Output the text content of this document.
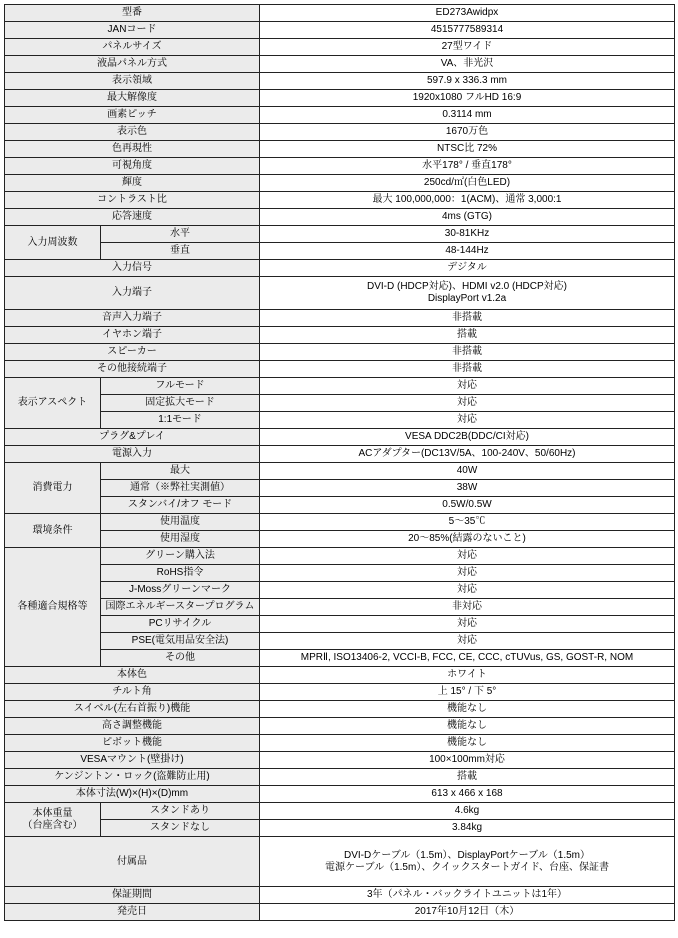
型番		ED273Awidpx

JANコード		4515777589314

パネルサイズ		27型ワイド

液晶パネル方式		VA、非光沢

表示領域		597.9 x 336.3 mm

最大解像度		1920x1080 フルHD 16:9

画素ピッチ		0.3114 mm

表示色		1670万色

色再現性		NTSC比 72%

可視角度		水平178° / 垂直178°

輝度		250cd/㎡(白色LED)

コントラスト比		最大 100,000,000：1(ACM)、通常 3,000:1

応答速度		4ms (GTG)

入力周波数	水平	30-81KHz

	垂直	48-144Hz

入力信号		デジタル

入力端子		DVI-D (HDCP対応)、HDMI v2.0 (HDCP対応)
DisplayPort v1.2a

音声入力端子		非搭載

イヤホン端子		搭載

スピーカー		非搭載

その他接続端子		非搭載

表示アスペクト	フルモード	対応

	固定拡大モード	対応

	1:1モード	対応

プラグ&プレイ		VESA DDC2B(DDC/CI対応)

電源入力		ACアダプター(DC13V/5A、100-240V、50/60Hz)

消費電力	最大	40W

	通常（※弊社実測値）	38W

	スタンバイ/オフ モード	0.5W/0.5W

環境条件	使用温度	5～35℃

	使用湿度	20～85%(結露のないこと)

各種適合規格等	グリーン購入法	対応

	RoHS指令	対応

	J-Mossグリーンマーク	対応

	国際エネルギースタープログラム	非対応

	PCリサイクル	対応

	PSE(電気用品安全法)	対応

	その他	MPRⅡ, ISO13406-2, VCCI-B, FCC, CE, CCC, cTUVus, GS, GOST-R, NOM

本体色		ホワイト

チルト角		上 15° / 下 5°

スイベル(左右首振り)機能		機能なし

高さ調整機能		機能なし

ピボット機能		機能なし

VESAマウント(壁掛け)		100×100mm対応

ケンジントン・ロック(盗難防止用)		搭載

本体寸法(W)×(H)×(D)mm		613 x 466 x 168

本体重量
（台座含む）	スタンドあり	4.6kg

	スタンドなし	3.84kg

付属品		DVI-Dケーブル（1.5m）、DisplayPortケーブル（1.5m）
電源ケーブル（1.5m）、クイックスタートガイド、台座、保証書

保証期間		3年（パネル・バックライトユニットは1年）

発売日		2017年10月12日（木）
